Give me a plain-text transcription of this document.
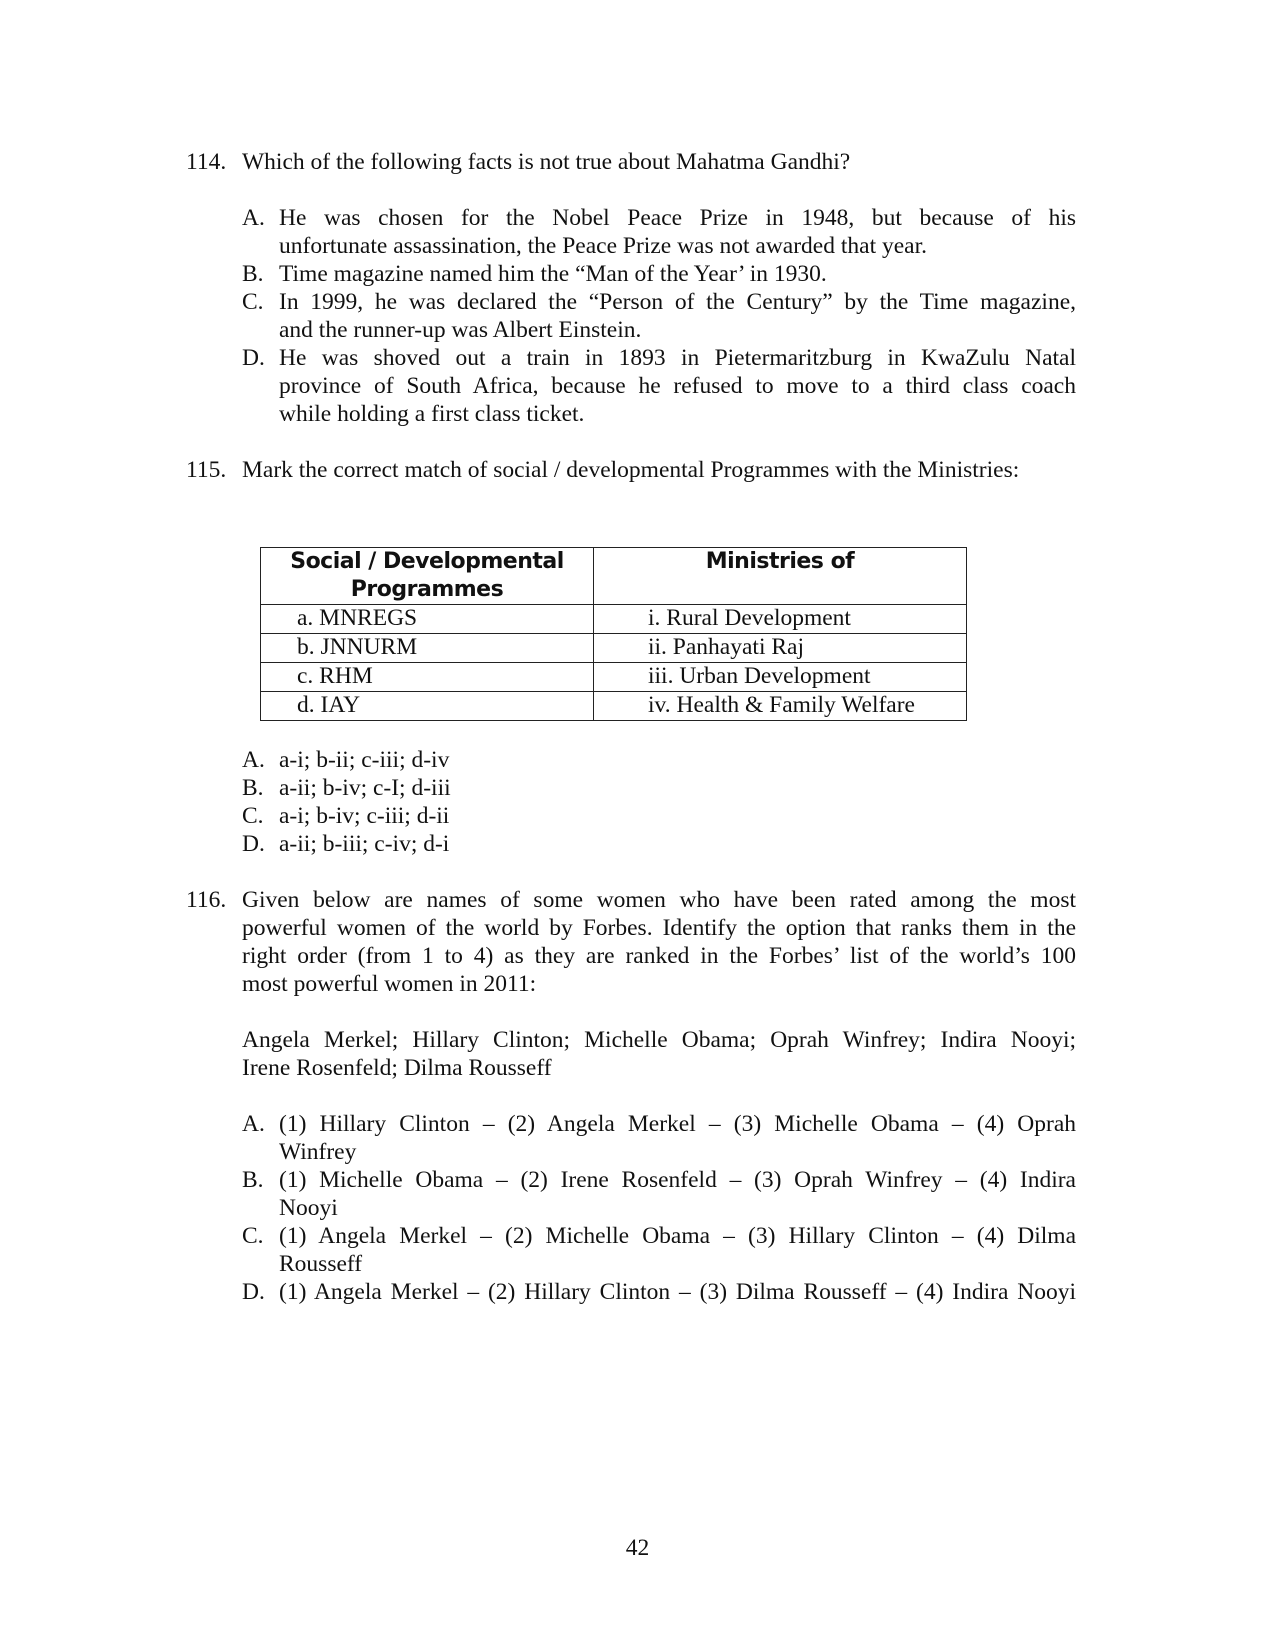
114. Which of the following facts is not true about Mahatma Gandhi?
A. He was chosen for the Nobel Peace Prize in 1948, but because of his
unfortunate assassination, the Peace Prize was not awarded that year.
B. Time magazine named him the “Man of the Year’ in 1930.
C. In 1999, he was declared the “Person of the Century” by the Time magazine,
and the runner-up was Albert Einstein.
D. He was shoved out a train in 1893 in Pietermaritzburg in KwaZulu Natal
province of South Africa, because he refused to move to a third class coach
while holding a first class ticket.
115. Mark the correct match of social / developmental Programmes with the Ministries:
Social / Developmental Programmes	Ministries of
a. MNREGS	i. Rural Development
b. JNNURM	ii. Panhayati Raj
c. RHM	iii. Urban Development
d. IAY	iv. Health & Family Welfare
A. a-i; b-ii; c-iii; d-iv
B. a-ii; b-iv; c-I; d-iii
C. a-i; b-iv; c-iii; d-ii
D. a-ii; b-iii; c-iv; d-i
116. Given below are names of some women who have been rated among the most
powerful women of the world by Forbes. Identify the option that ranks them in the
right order (from 1 to 4) as they are ranked in the Forbes’ list of the world’s 100
most powerful women in 2011:
Angela Merkel; Hillary Clinton; Michelle Obama; Oprah Winfrey; Indira Nooyi;
Irene Rosenfeld; Dilma Rousseff
A. (1) Hillary Clinton – (2) Angela Merkel – (3) Michelle Obama – (4) Oprah
Winfrey
B. (1) Michelle Obama – (2) Irene Rosenfeld – (3) Oprah Winfrey – (4) Indira
Nooyi
C. (1) Angela Merkel – (2) Michelle Obama – (3) Hillary Clinton – (4) Dilma
Rousseff
D. (1) Angela Merkel – (2) Hillary Clinton – (3) Dilma Rousseff – (4) Indira Nooyi
42
